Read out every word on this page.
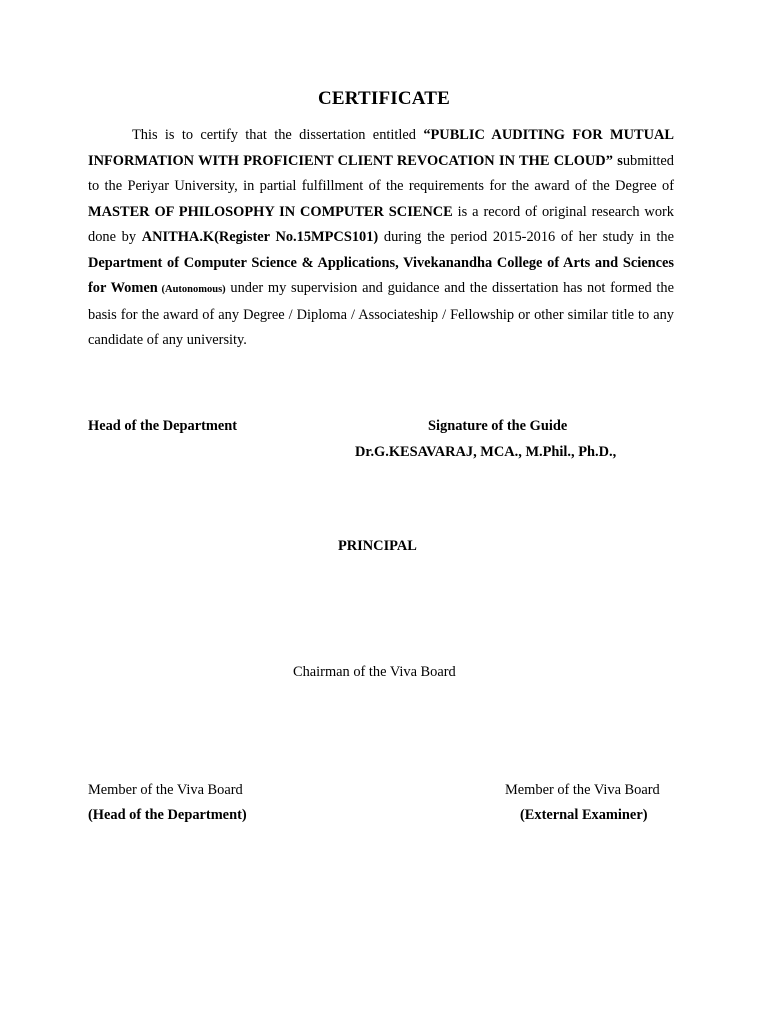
CERTIFICATE
This is to certify that the dissertation entitled “PUBLIC AUDITING FOR MUTUAL INFORMATION WITH PROFICIENT CLIENT REVOCATION IN THE CLOUD” submitted to the Periyar University, in partial fulfillment of the requirements for the award of the Degree of MASTER OF PHILOSOPHY IN COMPUTER SCIENCE is a record of original research work done by ANITHA.K(Register No.15MPCS101) during the period 2015-2016 of her study in the Department of Computer Science & Applications, Vivekanandha College of Arts and Sciences for Women (Autonomous) under my supervision and guidance and the dissertation has not formed the basis for the award of any Degree / Diploma / Associateship / Fellowship or other similar title to any candidate of any university.
Head of the Department	Signature of the Guide
Dr.G.KESAVARAJ, MCA., M.Phil., Ph.D.,
PRINCIPAL
Chairman of the Viva Board
Member of the Viva Board
(Head of the Department)
Member of the Viva Board
(External Examiner)
